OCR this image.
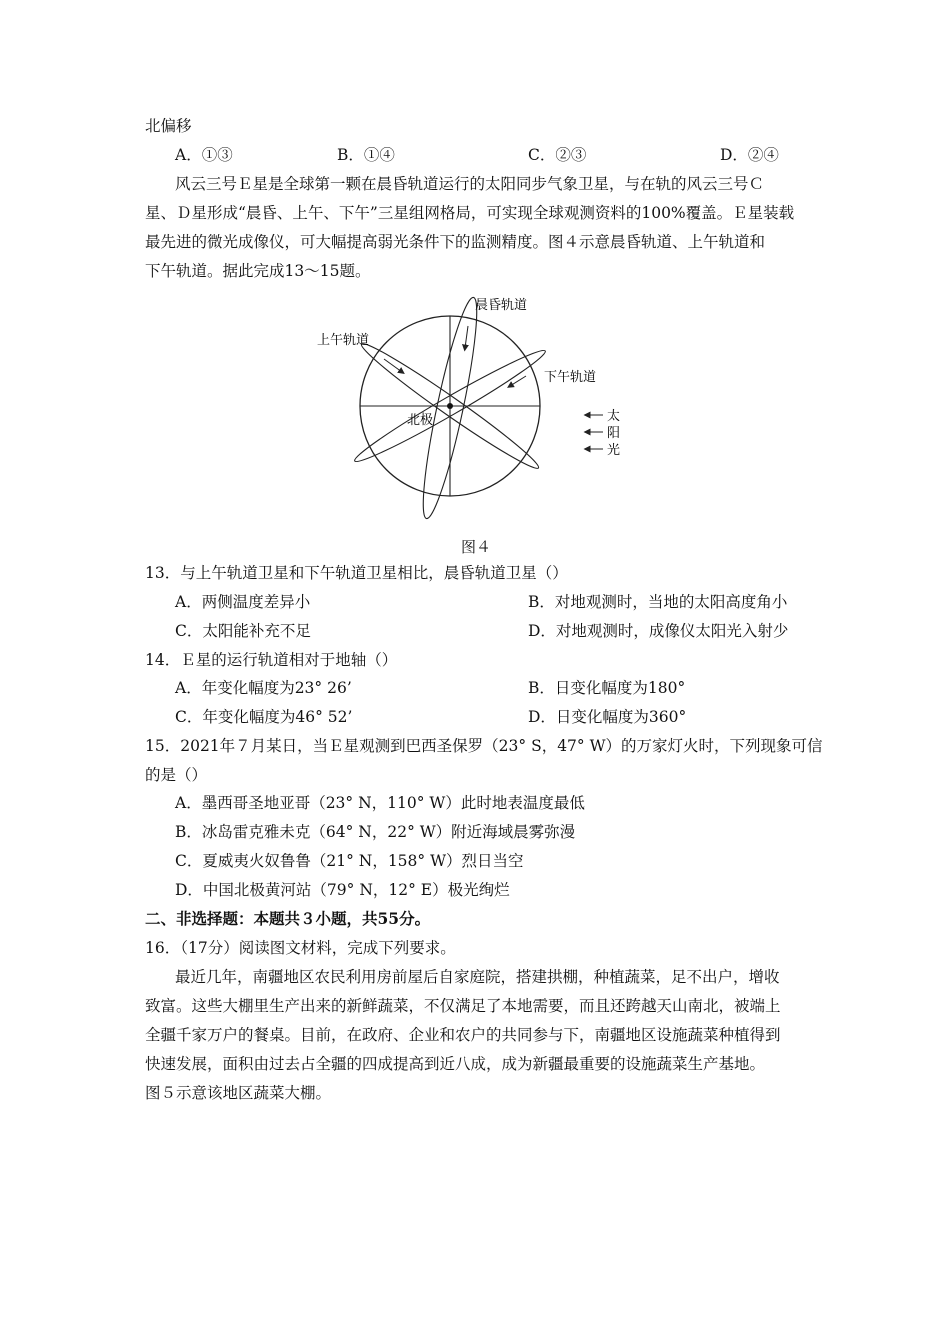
北偏移
A．①③	B．①④	C．②③	D．②④
风云三号Ｅ星是全球第一颗在晨昏轨道运行的太阳同步气象卫星，与在轨的风云三号Ｃ
星、Ｄ星形成“晨昏、上午、下午”三星组网格局，可实现全球观测资料的100%覆盖。Ｅ星装载
最先进的微光成像仪，可大幅提高弱光条件下的监测精度。图４示意晨昏轨道、上午轨道和
下午轨道。据此完成13～15题。
晨昏轨道
上午轨道
下午轨道
北极	太
阳
光
图４
13．与上午轨道卫星和下午轨道卫星相比，晨昏轨道卫星（）
A．两侧温度差异小	B．对地观测时，当地的太阳高度角小
C．太阳能补充不足	D．对地观测时，成像仪太阳光入射少
14．Ｅ星的运行轨道相对于地轴（）
A．年变化幅度为23° 26’	B．日变化幅度为180°
C．年变化幅度为46° 52’	D．日变化幅度为360°
15．2021年７月某日，当Ｅ星观测到巴西圣保罗（23° S，47° W）的万家灯火时，下列现象可信
的是（）
A．墨西哥圣地亚哥（23° N，110° W）此时地表温度最低
B．冰岛雷克雅未克（64° N，22° W）附近海域晨雾弥漫
C．夏威夷火奴鲁鲁（21° N，158° W）烈日当空
D．中国北极黄河站（79° N，12° E）极光绚烂
二、非选择题：本题共３小题，共55分。
16．（17分）阅读图文材料，完成下列要求。
最近几年，南疆地区农民利用房前屋后自家庭院，搭建拱棚，种植蔬菜，足不出户，增收
致富。这些大棚里生产出来的新鲜蔬菜，不仅满足了本地需要，而且还跨越天山南北，被端上
全疆千家万户的餐桌。目前，在政府、企业和农户的共同参与下，南疆地区设施蔬菜种植得到
快速发展，面积由过去占全疆的四成提高到近八成，成为新疆最重要的设施蔬菜生产基地。
图５示意该地区蔬菜大棚。
